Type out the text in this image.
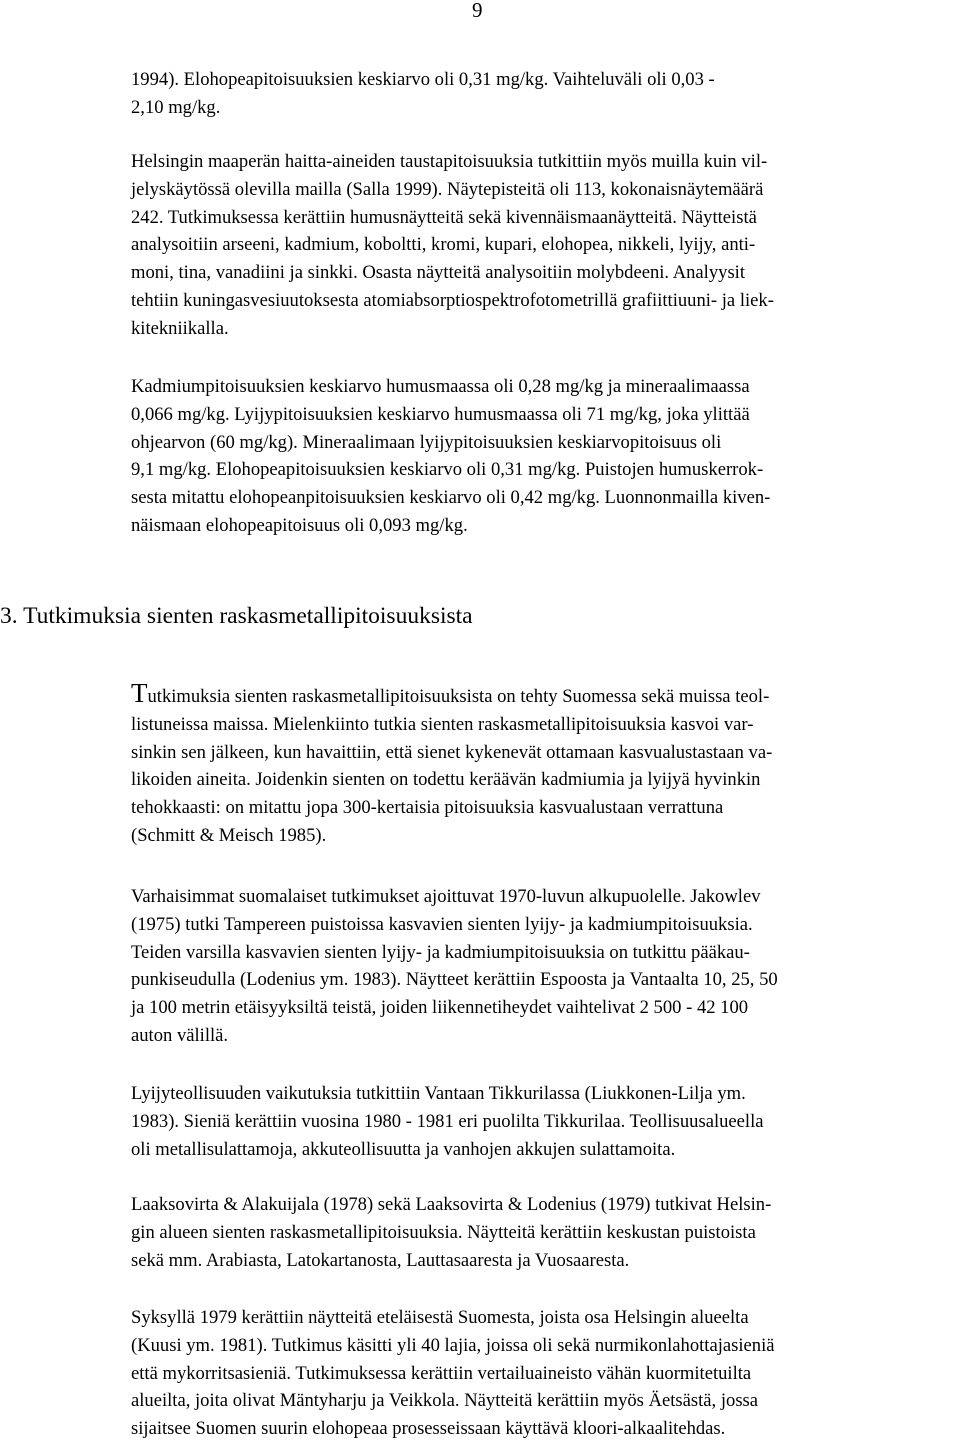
9

1994). Elohopeapitoisuuksien keskiarvo oli 0,31 mg/kg. Vaihteluväli oli 0,03 -
2,10 mg/kg.

Helsingin maaperän haitta-aineiden taustapitoisuuksia tutkittiin myös muilla kuin vil-
jelyskäytössä olevilla mailla (Salla 1999). Näytepisteitä oli 113, kokonaisnäytemäärä
242. Tutkimuksessa kerättiin humusnäytteitä sekä kivennäismaanäytteitä. Näytteistä
analysoitiin arseeni, kadmium, koboltti, kromi, kupari, elohopea, nikkeli, lyijy, anti-
moni, tina, vanadiini ja sinkki. Osasta näytteitä analysoitiin molybdeeni. Analyysit
tehtiin kuningasvesiuutoksesta atomiabsorptiospektrofotometrillä grafiittiuuni- ja liek-
kitekniikalla.

Kadmiumpitoisuuksien keskiarvo humusmaassa oli 0,28 mg/kg ja mineraalimaassa
0,066 mg/kg. Lyijypitoisuuksien keskiarvo humusmaassa oli 71 mg/kg, joka ylittää
ohjearvon (60 mg/kg). Mineraalimaan lyijypitoisuuksien keskiarvopitoisuus oli
9,1 mg/kg. Elohopeapitoisuuksien keskiarvo oli 0,31 mg/kg. Puistojen humuskerrok-
sesta mitattu elohopeanpitoisuuksien keskiarvo oli 0,42 mg/kg. Luonnonmailla kiven-
näismaan elohopeapitoisuus oli 0,093 mg/kg.

3. Tutkimuksia sienten raskasmetallipitoisuuksista

Tutkimuksia sienten raskasmetallipitoisuuksista on tehty Suomessa sekä muissa teol-
listuneissa maissa. Mielenkiinto tutkia sienten raskasmetallipitoisuuksia kasvoi var-
sinkin sen jälkeen, kun havaittiin, että sienet kykenevät ottamaan kasvualustastaan va-
likoiden aineita. Joidenkin sienten on todettu keräävän kadmiumia ja lyijyä hyvinkin
tehokkaasti: on mitattu jopa 300-kertaisia pitoisuuksia kasvualustaan verrattuna
(Schmitt & Meisch 1985).

Varhaisimmat suomalaiset tutkimukset ajoittuvat 1970-luvun alkupuolelle. Jakowlev
(1975) tutki Tampereen puistoissa kasvavien sienten lyijy- ja kadmiumpitoisuuksia.
Teiden varsilla kasvavien sienten lyijy- ja kadmiumpitoisuuksia on tutkittu pääkau-
punkiseudulla (Lodenius ym. 1983). Näytteet kerättiin Espoosta ja Vantaalta 10, 25, 50
ja 100 metrin etäisyyksiltä teistä, joiden liikennetiheydet vaihtelivat 2 500 - 42 100
auton välillä.

Lyijyteollisuuden vaikutuksia tutkittiin Vantaan Tikkurilassa (Liukkonen-Lilja ym.
1983). Sieniä kerättiin vuosina 1980 - 1981 eri puolilta Tikkurilaa. Teollisuusalueella
oli metallisulattamoja, akkuteollisuutta ja vanhojen akkujen sulattamoita.

Laaksovirta & Alakuijala (1978) sekä Laaksovirta & Lodenius (1979) tutkivat Helsin-
gin alueen sienten raskasmetallipitoisuuksia. Näytteitä kerättiin keskustan puistoista
sekä mm. Arabiasta, Latokartanosta, Lauttasaaresta ja Vuosaaresta.

Syksyllä 1979 kerättiin näytteitä eteläisestä Suomesta, joista osa Helsingin alueelta
(Kuusi ym. 1981). Tutkimus käsitti yli 40 lajia, joissa oli sekä nurmikonlahottajasieniä
että mykorritsasieniä. Tutkimuksessa kerättiin vertailuaineisto vähän kuormitetuilta
alueilta, joita olivat Mäntyharju ja Veikkola. Näytteitä kerättiin myös Äetsästä, jossa
sijaitsee Suomen suurin elohopeaa prosesseissaan käyttävä kloori-alkaalitehdas.
